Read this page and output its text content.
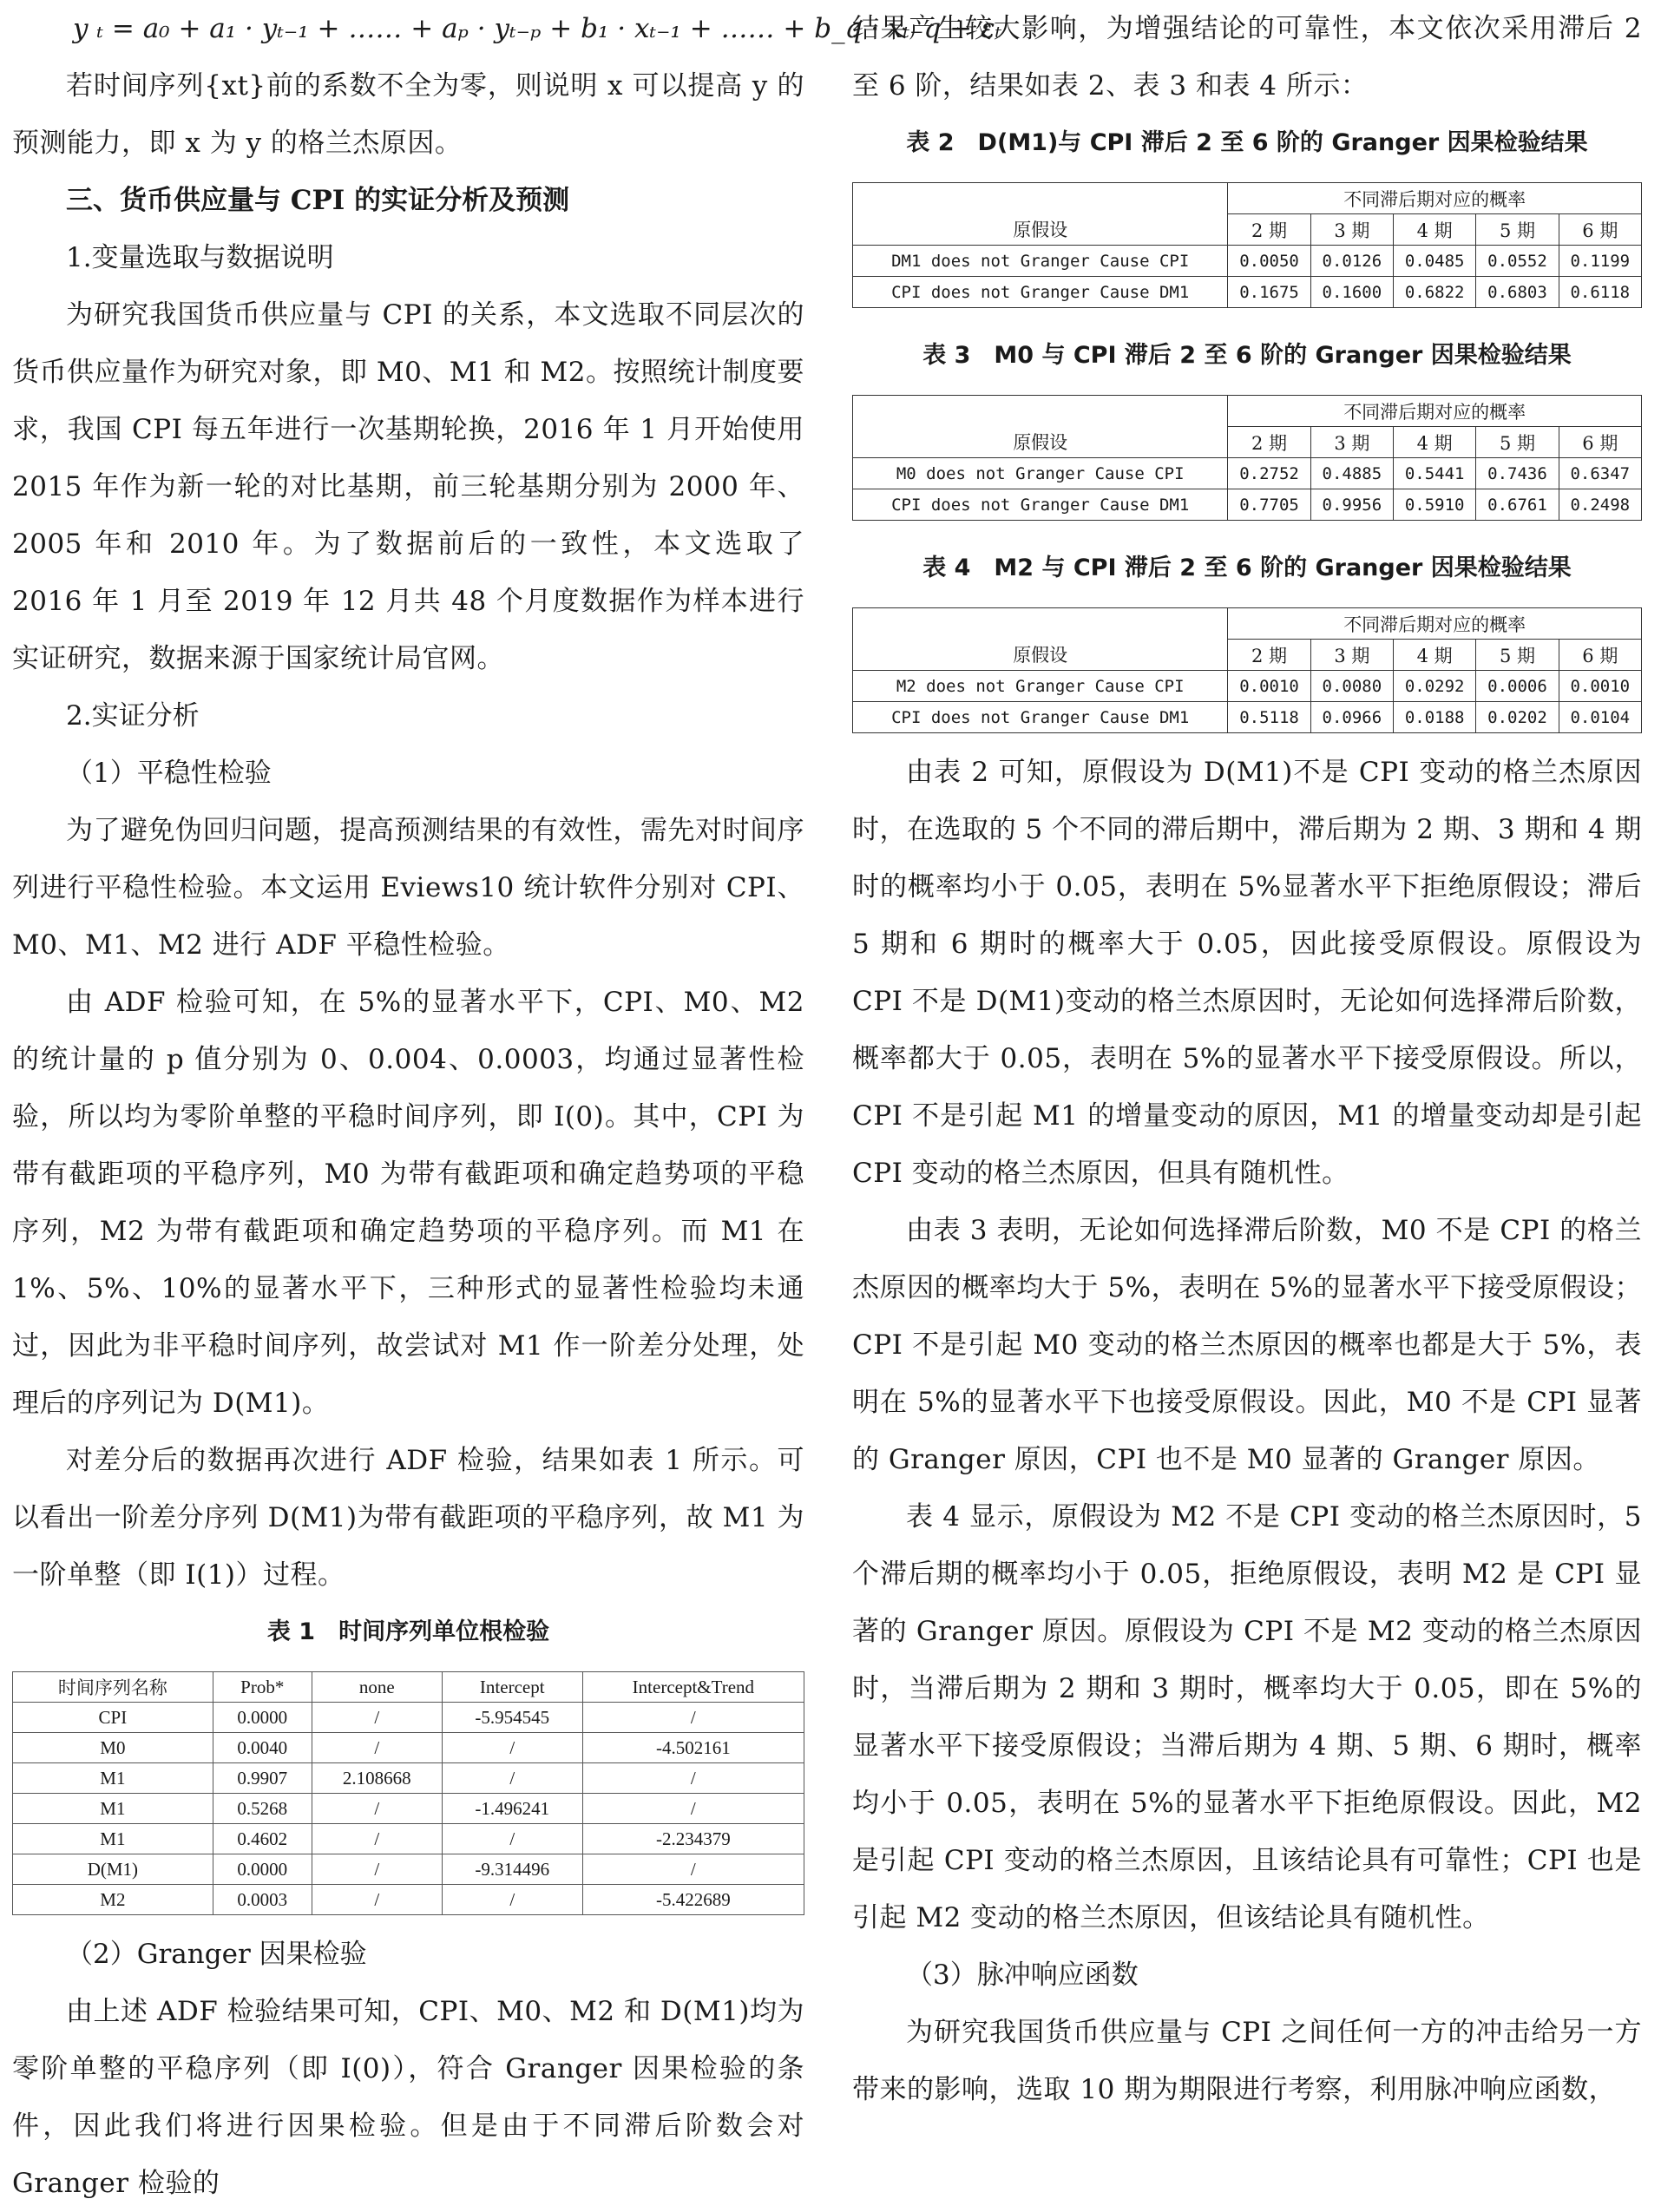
y ₜ = a₀ + a₁ · yₜ₋₁ + …… + aₚ · yₜ₋ₚ + b₁ · xₜ₋₁ + …… + b_q · xₜ₋q + εₜ

若时间序列{xt}前的系数不全为零，则说明 x 可以提高 y 的预测能力，即 x 为 y 的格兰杰原因。

三、货币供应量与 CPI 的实证分析及预测

1.变量选取与数据说明

为研究我国货币供应量与 CPI 的关系，本文选取不同层次的货币供应量作为研究对象，即 M0、M1 和 M2。按照统计制度要求，我国 CPI 每五年进行一次基期轮换，2016 年 1 月开始使用 2015 年作为新一轮的对比基期，前三轮基期分别为 2000 年、2005 年和 2010 年。为了数据前后的一致性，本文选取了 2016 年 1 月至 2019 年 12 月共 48 个月度数据作为样本进行实证研究，数据来源于国家统计局官网。

2.实证分析

（1）平稳性检验

为了避免伪回归问题，提高预测结果的有效性，需先对时间序列进行平稳性检验。本文运用 Eviews10 统计软件分别对 CPI、M0、M1、M2 进行 ADF 平稳性检验。

由 ADF 检验可知，在 5%的显著水平下，CPI、M0、M2 的统计量的 p 值分别为 0、0.004、0.0003，均通过显著性检验，所以均为零阶单整的平稳时间序列，即 I(0)。其中，CPI 为带有截距项的平稳序列，M0 为带有截距项和确定趋势项的平稳序列，M2 为带有截距项和确定趋势项的平稳序列。而 M1 在 1%、5%、10%的显著水平下，三种形式的显著性检验均未通过，因此为非平稳时间序列，故尝试对 M1 作一阶差分处理，处理后的序列记为 D(M1)。

对差分后的数据再次进行 ADF 检验，结果如表 1 所示。可以看出一阶差分序列 D(M1)为带有截距项的平稳序列，故 M1 为一阶单整（即 I(1)）过程。

表 1　时间序列单位根检验

时间序列名称	Prob*	none	Intercept	Intercept&Trend
CPI	0.0000	/	-5.954545	/
M0	0.0040	/	/	-4.502161
M1	0.9907	2.108668	/	/
M1	0.5268	/	-1.496241	/
M1	0.4602	/	/	-2.234379
D(M1)	0.0000	/	-9.314496	/
M2	0.0003	/	/	-5.422689

（2）Granger 因果检验

由上述 ADF 检验结果可知，CPI、M0、M2 和 D(M1)均为零阶单整的平稳序列（即 I(0)），符合 Granger 因果检验的条件，因此我们将进行因果检验。但是由于不同滞后阶数会对 Granger 检验的

结果产生较大影响，为增强结论的可靠性，本文依次采用滞后 2 至 6 阶，结果如表 2、表 3 和表 4 所示：

表 2　D(M1)与 CPI 滞后 2 至 6 阶的 Granger 因果检验结果

	不同滞后期对应的概率				
原假设	2 期	3 期	4 期	5 期	6 期
DM1 does not Granger Cause CPI	0.0050	0.0126	0.0485	0.0552	0.1199
CPI does not Granger Cause DM1	0.1675	0.1600	0.6822	0.6803	0.6118

表 3　M0 与 CPI 滞后 2 至 6 阶的 Granger 因果检验结果

	不同滞后期对应的概率				
原假设	2 期	3 期	4 期	5 期	6 期
M0 does not Granger Cause CPI	0.2752	0.4885	0.5441	0.7436	0.6347
CPI does not Granger Cause DM1	0.7705	0.9956	0.5910	0.6761	0.2498

表 4　M2 与 CPI 滞后 2 至 6 阶的 Granger 因果检验结果

	不同滞后期对应的概率				
原假设	2 期	3 期	4 期	5 期	6 期
M2 does not Granger Cause CPI	0.0010	0.0080	0.0292	0.0006	0.0010
CPI does not Granger Cause DM1	0.5118	0.0966	0.0188	0.0202	0.0104

由表 2 可知，原假设为 D(M1)不是 CPI 变动的格兰杰原因时，在选取的 5 个不同的滞后期中，滞后期为 2 期、3 期和 4 期时的概率均小于 0.05，表明在 5%显著水平下拒绝原假设；滞后 5 期和 6 期时的概率大于 0.05，因此接受原假设。原假设为 CPI 不是 D(M1)变动的格兰杰原因时，无论如何选择滞后阶数，概率都大于 0.05，表明在 5%的显著水平下接受原假设。所以，CPI 不是引起 M1 的增量变动的原因，M1 的增量变动却是引起 CPI 变动的格兰杰原因，但具有随机性。

由表 3 表明，无论如何选择滞后阶数，M0 不是 CPI 的格兰杰原因的概率均大于 5%，表明在 5%的显著水平下接受原假设；CPI 不是引起 M0 变动的格兰杰原因的概率也都是大于 5%，表明在 5%的显著水平下也接受原假设。因此，M0 不是 CPI 显著的 Granger 原因，CPI 也不是 M0 显著的 Granger 原因。

表 4 显示，原假设为 M2 不是 CPI 变动的格兰杰原因时，5 个滞后期的概率均小于 0.05，拒绝原假设，表明 M2 是 CPI 显著的 Granger 原因。原假设为 CPI 不是 M2 变动的格兰杰原因时，当滞后期为 2 期和 3 期时，概率均大于 0.05，即在 5%的显著水平下接受原假设；当滞后期为 4 期、5 期、6 期时，概率均小于 0.05，表明在 5%的显著水平下拒绝原假设。因此，M2 是引起 CPI 变动的格兰杰原因，且该结论具有可靠性；CPI 也是引起 M2 变动的格兰杰原因，但该结论具有随机性。

（3）脉冲响应函数

为研究我国货币供应量与 CPI 之间任何一方的冲击给另一方带来的影响，选取 10 期为期限进行考察，利用脉冲响应函数，
